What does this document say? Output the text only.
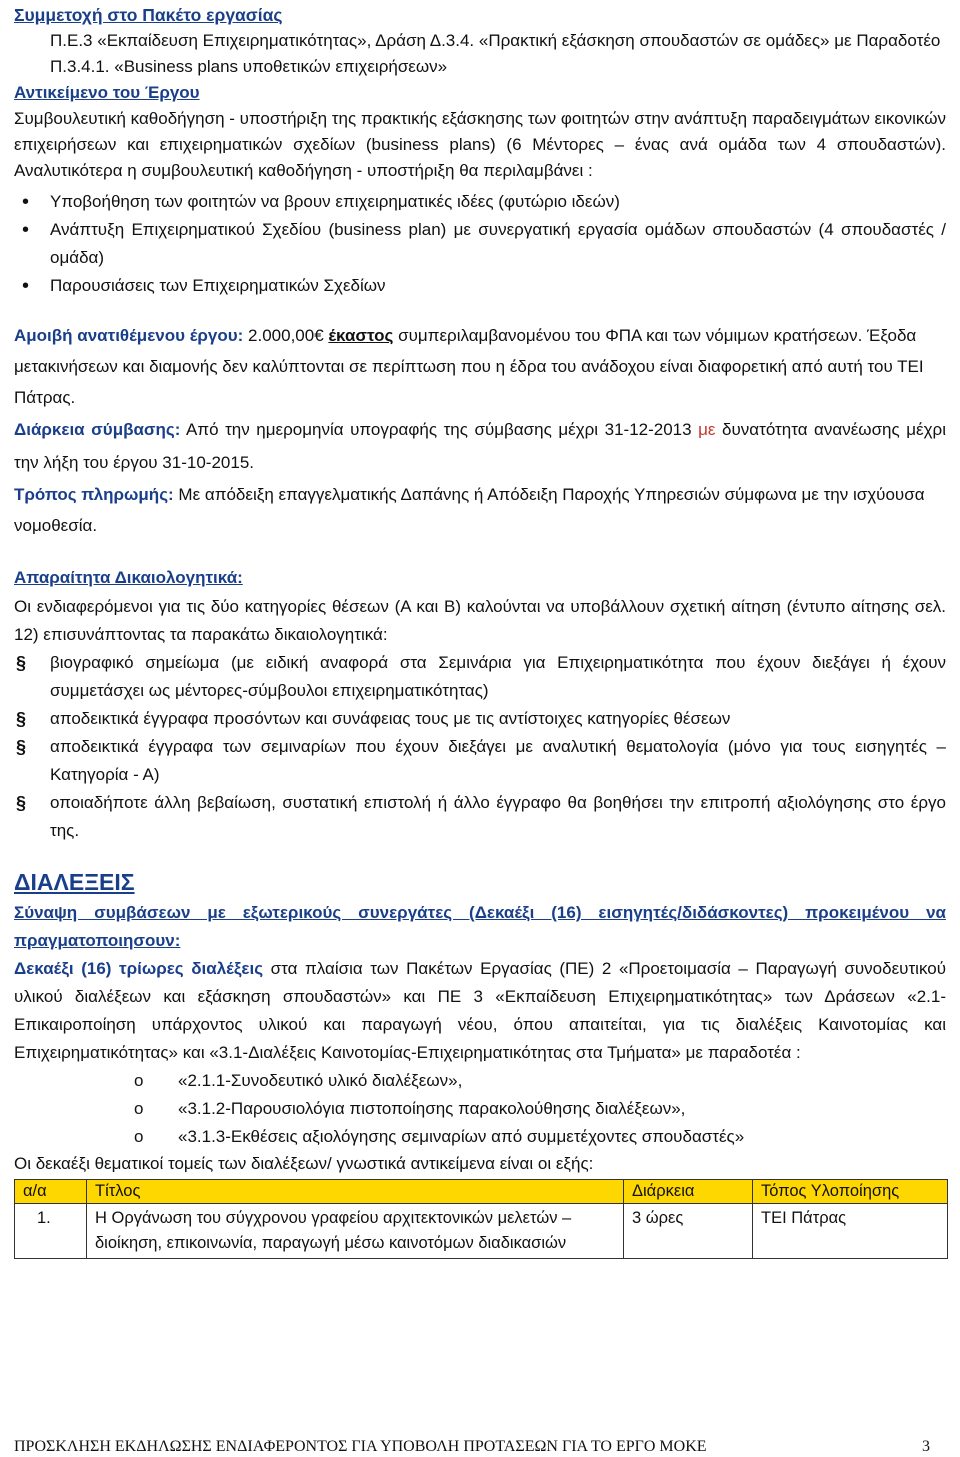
Συμμετοχή στο Πακέτο εργασίας

Π.Ε.3 «Εκπαίδευση Επιχειρηματικότητας», Δράση Δ.3.4. «Πρακτική εξάσκηση σπουδαστών σε ομάδες» με Παραδοτέο Π.3.4.1. «Business plans υποθετικών επιχειρήσεων»

Αντικείμενο του Έργου

Συμβουλευτική καθοδήγηση - υποστήριξη της πρακτικής εξάσκησης των φοιτητών στην ανάπτυξη παραδειγμάτων εικονικών επιχειρήσεων και επιχειρηματικών σχεδίων (business plans) (6 Μέντορες – ένας ανά ομάδα των 4 σπουδαστών). Αναλυτικότερα η συμβουλευτική καθοδήγηση - υποστήριξη θα περιλαμβάνει :

• Υποβοήθηση των φοιτητών να βρουν επιχειρηματικές ιδέες (φυτώριο ιδεών)

• Ανάπτυξη Επιχειρηματικού Σχεδίου (business plan) με συνεργατική εργασία ομάδων σπουδαστών (4 σπουδαστές / ομάδα)

• Παρουσιάσεις των Επιχειρηματικών Σχεδίων

Αμοιβή ανατιθέμενου έργου: 2.000,00€ έκαστος συμπεριλαμβανομένου του ΦΠΑ και των νόμιμων κρατήσεων. Έξοδα μετακινήσεων και διαμονής δεν καλύπτονται σε περίπτωση που η έδρα του ανάδοχου είναι διαφορετική από αυτή του ΤΕΙ Πάτρας.

Διάρκεια σύμβασης: Από την ημερομηνία υπογραφής της σύμβασης μέχρι 31-12-2013 με δυνατότητα ανανέωσης μέχρι την λήξη του έργου 31-10-2015.

Τρόπος πληρωμής: Με απόδειξη επαγγελματικής Δαπάνης ή Απόδειξη Παροχής Υπηρεσιών σύμφωνα με την ισχύουσα νομοθεσία.

Απαραίτητα Δικαιολογητικά:

Οι ενδιαφερόμενοι για τις δύο κατηγορίες θέσεων (Α και Β) καλούνται να υποβάλλουν σχετική αίτηση (έντυπο αίτησης σελ. 12) επισυνάπτοντας τα παρακάτω δικαιολογητικά:

§ βιογραφικό σημείωμα (με ειδική αναφορά στα Σεμινάρια για Επιχειρηματικότητα που έχουν διεξάγει ή έχουν συμμετάσχει ως μέντορες-σύμβουλοι επιχειρηματικότητας)
§ αποδεικτικά έγγραφα προσόντων και συνάφειας τους με τις αντίστοιχες κατηγορίες θέσεων
§ αποδεικτικά έγγραφα των σεμιναρίων που έχουν διεξάγει με αναλυτική θεματολογία (μόνο για τους εισηγητές – Κατηγορία - Α)
§ οποιαδήποτε άλλη βεβαίωση, συστατική επιστολή ή άλλο έγγραφο θα βοηθήσει την επιτροπή αξιολόγησης στο έργο της.

ΔΙΑΛΕΞΕΙΣ

Σύναψη συμβάσεων με εξωτερικούς συνεργάτες (Δεκαέξι (16) εισηγητές/διδάσκοντες) προκειμένου να πραγματοποιησουν:

Δεκαέξι (16) τρίωρες διαλέξεις στα πλαίσια των Πακέτων Εργασίας (ΠΕ) 2 «Προετοιμασία – Παραγωγή συνοδευτικού υλικού διαλέξεων και εξάσκηση σπουδαστών» και ΠΕ 3 «Εκπαίδευση Επιχειρηματικότητας» των Δράσεων «2.1-Επικαιροποίηση υπάρχοντος υλικού και παραγωγή νέου, όπου απαιτείται, για τις διαλέξεις Καινοτομίας και Επιχειρηματικότητας» και «3.1-Διαλέξεις Καινοτομίας-Επιχειρηματικότητας στα Τμήματα» με παραδοτέα :

o «2.1.1-Συνοδευτικό υλικό διαλέξεων»,

o «3.1.2-Παρουσιολόγια πιστοποίησης παρακολούθησης διαλέξεων»,

o «3.1.3-Εκθέσεις αξιολόγησης σεμιναρίων από συμμετέχοντες σπουδαστές»

Οι δεκαέξι θεματικοί τομείς των διαλέξεων/ γνωστικά αντικείμενα είναι οι εξής:

α/α	Τίτλος	Διάρκεια	Τόπος Υλοποίησης
1.	Η Οργάνωση του σύγχρονου γραφείου αρχιτεκτονικών μελετών – διοίκηση, επικοινωνία, παραγωγή μέσω καινοτόμων διαδικασιών	3 ώρες	ΤΕΙ Πάτρας
ΠΡΟΣΚΛΗΣΗ ΕΚΔΗΛΩΣΗΣ ΕΝΔΙΑΦΕΡΟΝΤΟΣ ΓΙΑ ΥΠΟΒΟΛΗ ΠΡΟΤΑΣΕΩΝ ΓΙΑ ΤΟ ΕΡΓΟ ΜΟΚΕ	3
